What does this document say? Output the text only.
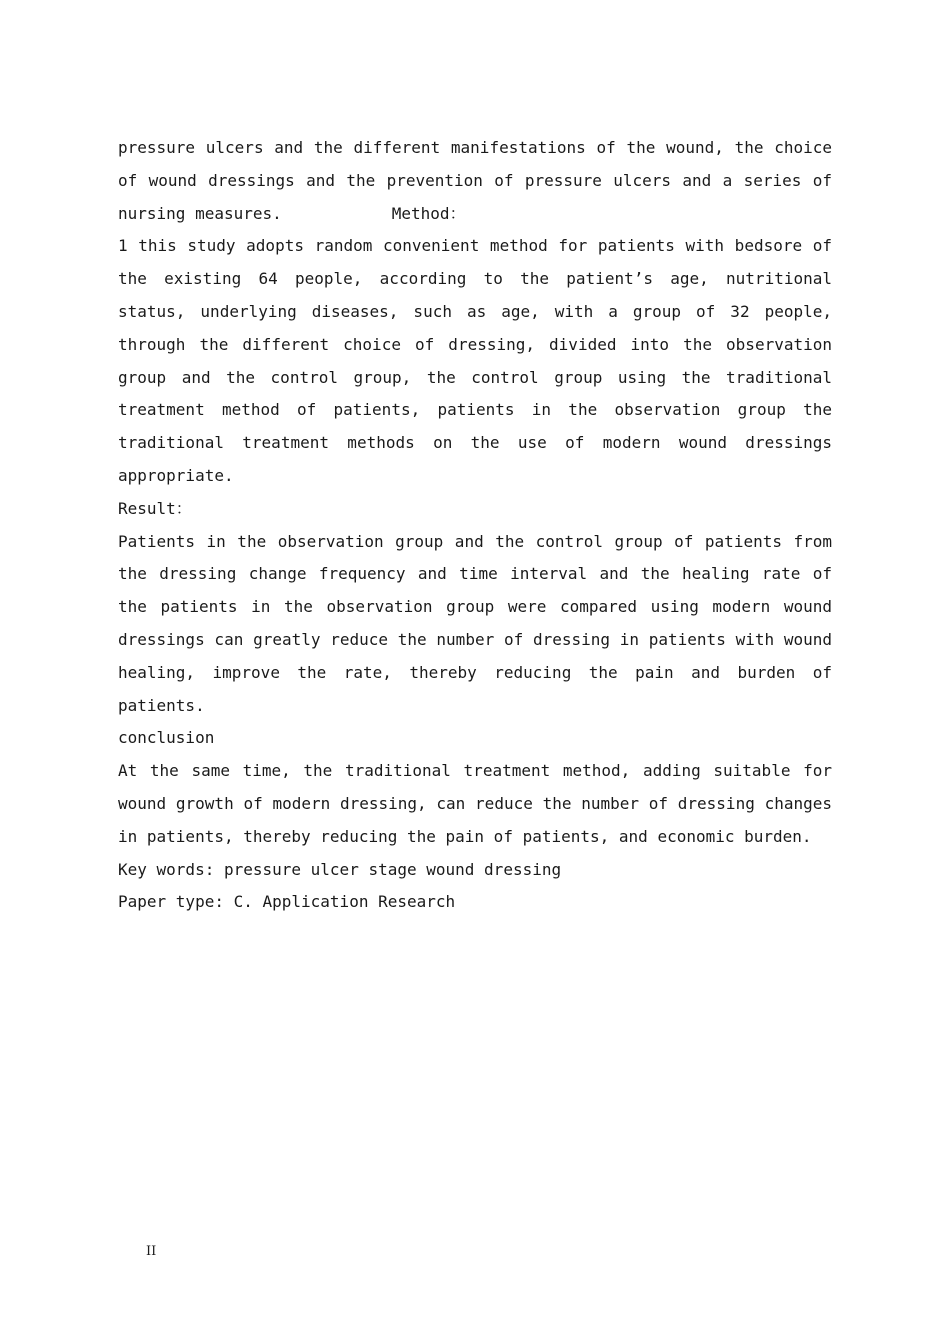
pressure ulcers and the different manifestations of the wound, the choice of wound dressings and the prevention of pressure ulcers and a series of nursing measures.	Method：

1 this study adopts random convenient method for patients with bedsore of the existing 64 people, according to the patient’s age, nutritional status, underlying diseases, such as age, with a group of 32 people, through the different choice of dressing, divided into the observation group and the control group, the control group using the traditional treatment method of patients, patients in the observation group the traditional treatment methods on the use of modern wound dressings appropriate.

Result：

Patients in the observation group and the control group of patients from the dressing change frequency and time interval and the healing rate of the patients in the observation group were compared using modern wound dressings can greatly reduce the number of dressing in patients with wound healing, improve the rate, thereby reducing the pain and burden of patients.

conclusion

At the same time, the traditional treatment method, adding suitable for wound growth of modern dressing, can reduce the number of dressing changes in patients, thereby reducing the pain of patients, and economic burden.

Key words: pressure ulcer stage wound dressing

Paper type: C. Application Research

II
